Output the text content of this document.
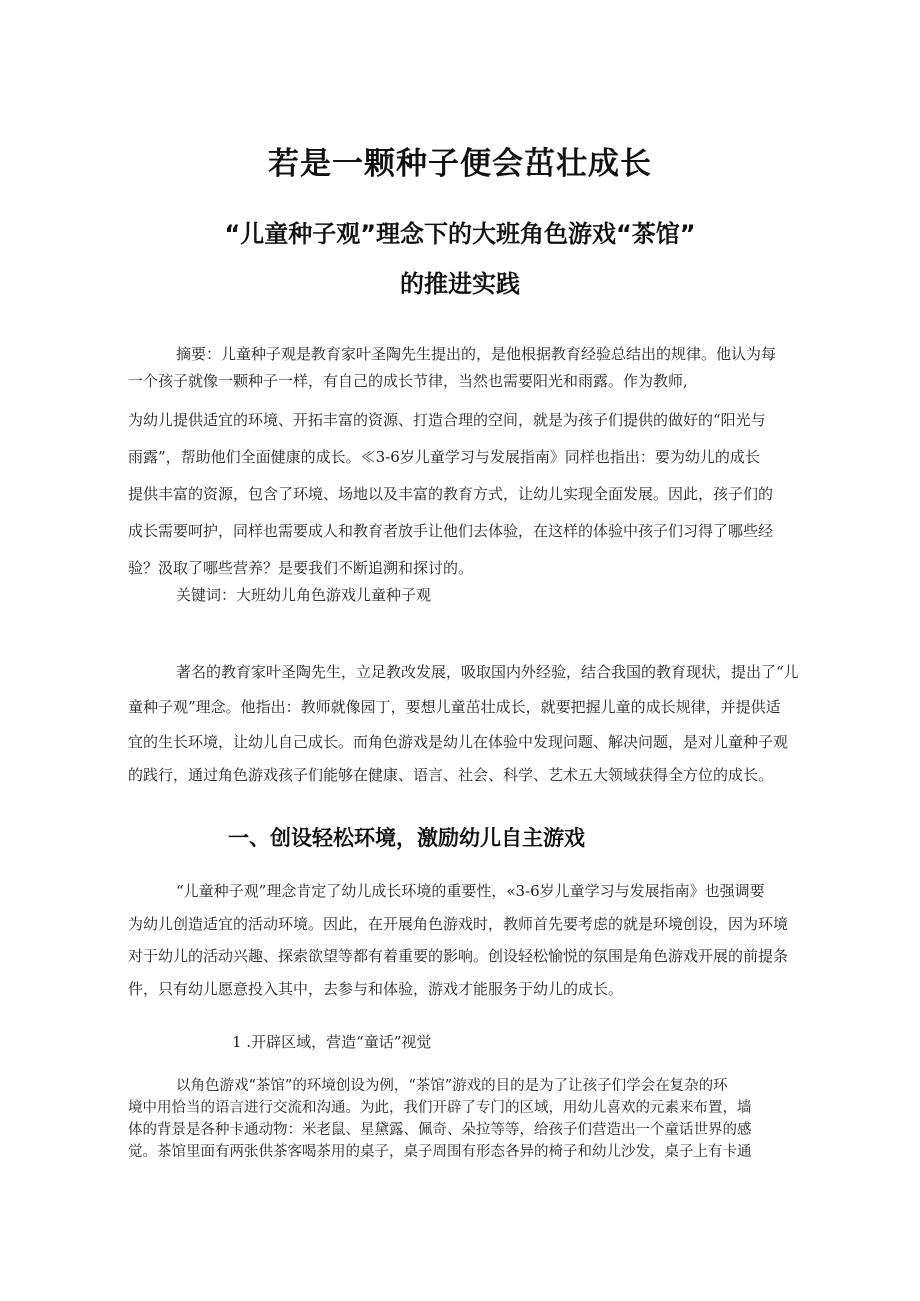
若是一颗种子便会茁壮成长
“儿童种子观”理念下的大班角色游戏“茶馆”
的推进实践

摘要：儿童种子观是教育家叶圣陶先生提出的，是他根据教育经验总结出的规律。他认为每

一个孩子就像一颗种子一样，有自己的成长节律，当然也需要阳光和雨露。作为教师,

为幼儿提供适宜的环境、开拓丰富的资源、打造合理的空间，就是为孩子们提供的做好的“阳光与

雨露”，帮助他们全面健康的成长。≪3-6岁儿童学习与发展指南》同样也指出：要为幼儿的成长

提供丰富的资源，包含了环境、场地以及丰富的教育方式，让幼儿实现全面发展。因此，孩子们的

成长需要呵护，同样也需要成人和教育者放手让他们去体验，在这样的体验中孩子们习得了哪些经

验？汲取了哪些营养？是要我们不断追溯和探讨的。

关键词：大班幼儿角色游戏儿童种子观

著名的教育家叶圣陶先生，立足教改发展，吸取国内外经验，结合我国的教育现状，提出了“儿

童种子观”理念。他指出：教师就像园丁，要想儿童茁壮成长，就要把握儿童的成长规律，并提供适

宜的生长环境，让幼儿自己成长。而角色游戏是幼儿在体验中发现问题、解决问题，是对儿童种子观

的践行，通过角色游戏孩子们能够在健康、语言、社会、科学、艺术五大领域获得全方位的成长。

一、创设轻松环境，激励幼儿自主游戏

“儿童种子观”理念肯定了幼儿成长环境的重要性，«3-6岁儿童学习与发展指南》也强调要

为幼儿创造适宜的活动环境。因此，在开展角色游戏时，教师首先要考虑的就是环境创设，因为环境

对于幼儿的活动兴趣、探索欲望等都有着重要的影响。创设轻松愉悦的氛围是角色游戏开展的前提条

件，只有幼儿愿意投入其中，去参与和体验，游戏才能服务于幼儿的成长。

1 .开辟区域，营造“童话”视觉

以角色游戏“茶馆”的环境创设为例，“茶馆”游戏的目的是为了让孩子们学会在复杂的环

境中用恰当的语言进行交流和沟通。为此，我们开辟了专门的区域，用幼儿喜欢的元素来布置，墙

体的背景是各种卡通动物：米老鼠、星黛露、佩奇、朵拉等等，给孩子们营造出一个童话世界的感

觉。茶馆里面有两张供茶客喝茶用的桌子，桌子周围有形态各异的椅子和幼儿沙发，桌子上有卡通
